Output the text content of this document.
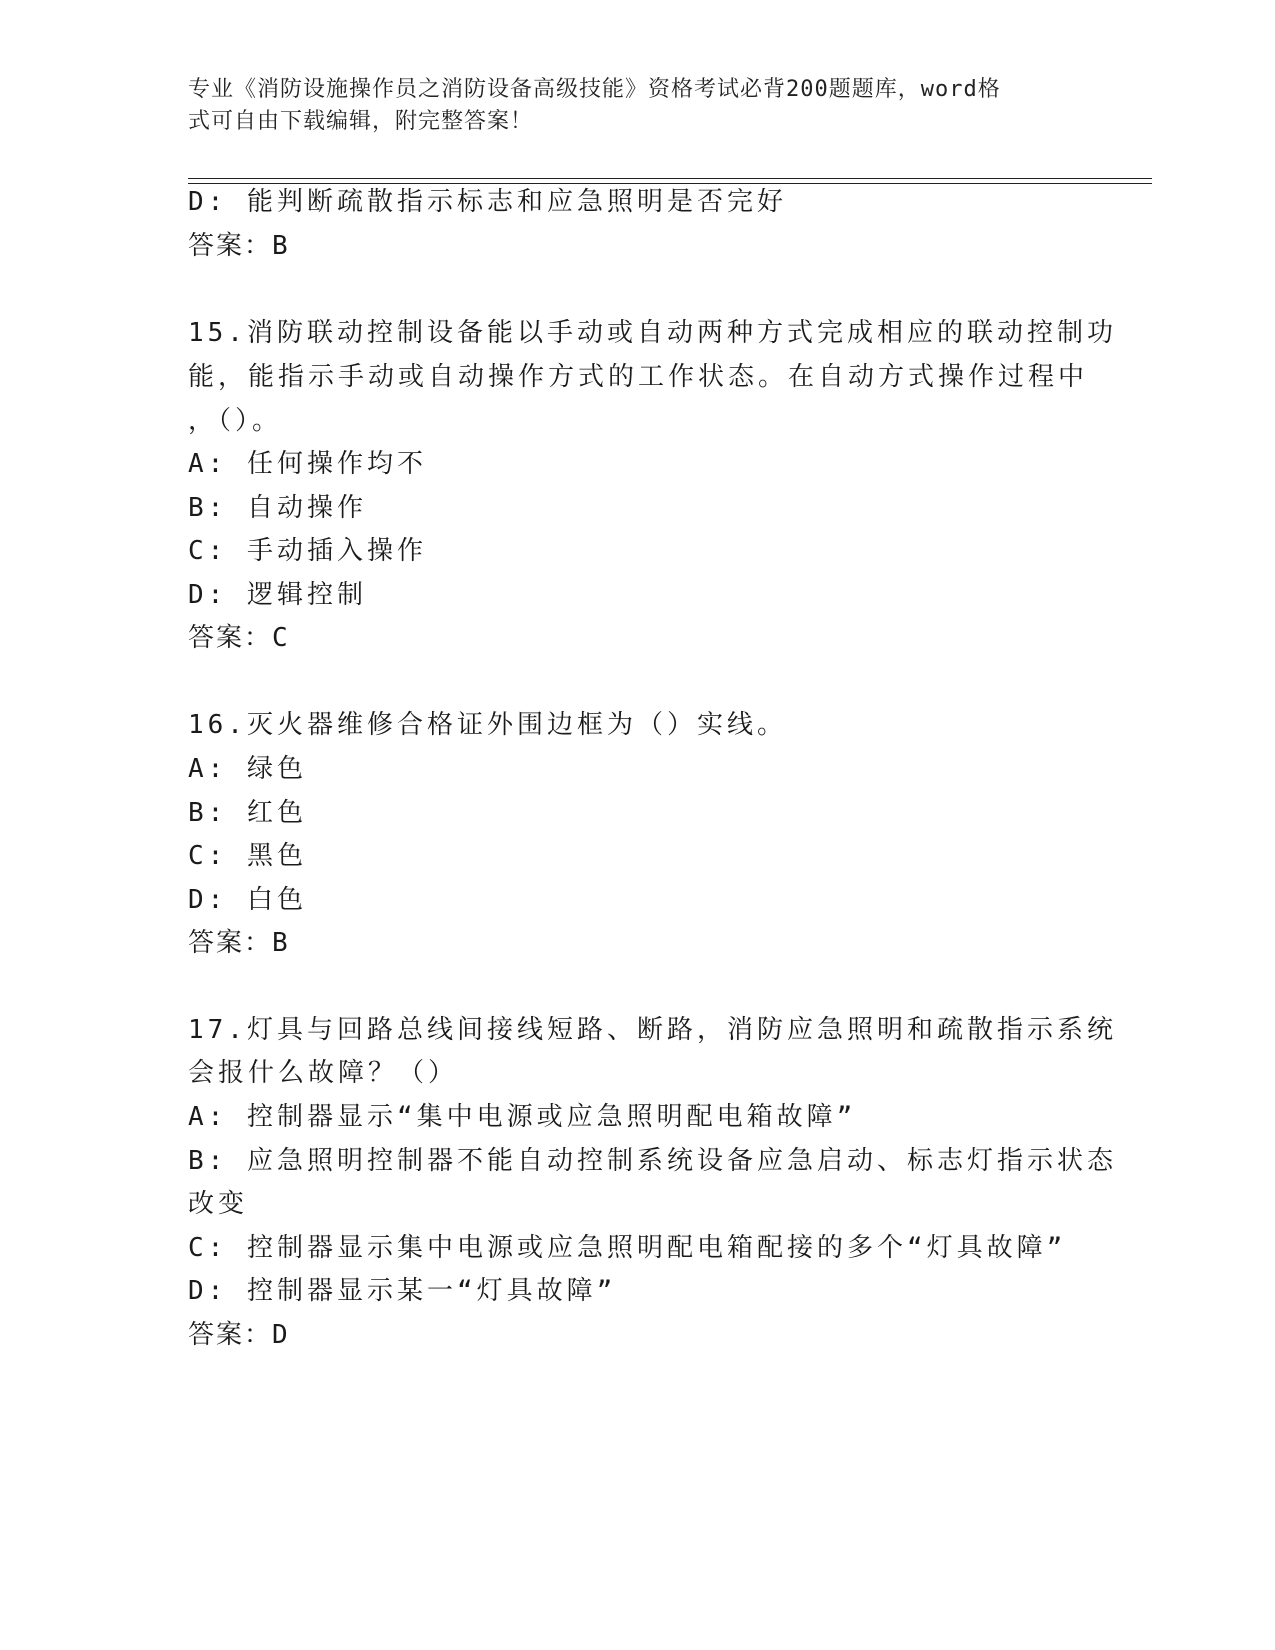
专业《消防设施操作员之消防设备高级技能》资格考试必背200题题库，word格
式可自由下载编辑，附完整答案！
D: 能判断疏散指示标志和应急照明是否完好
答案：B
15.消防联动控制设备能以手动或自动两种方式完成相应的联动控制功
能，能指示手动或自动操作方式的工作状态。在自动方式操作过程中
，（）。
A: 任何操作均不
B: 自动操作
C: 手动插入操作
D: 逻辑控制
答案：C
16.灭火器维修合格证外围边框为（）实线。
A: 绿色
B: 红色
C: 黑色
D: 白色
答案：B
17.灯具与回路总线间接线短路、断路，消防应急照明和疏散指示系统
会报什么故障？（）
A: 控制器显示“集中电源或应急照明配电箱故障”
B: 应急照明控制器不能自动控制系统设备应急启动、标志灯指示状态
改变
C: 控制器显示集中电源或应急照明配电箱配接的多个“灯具故障”
D: 控制器显示某一“灯具故障”
答案：D
